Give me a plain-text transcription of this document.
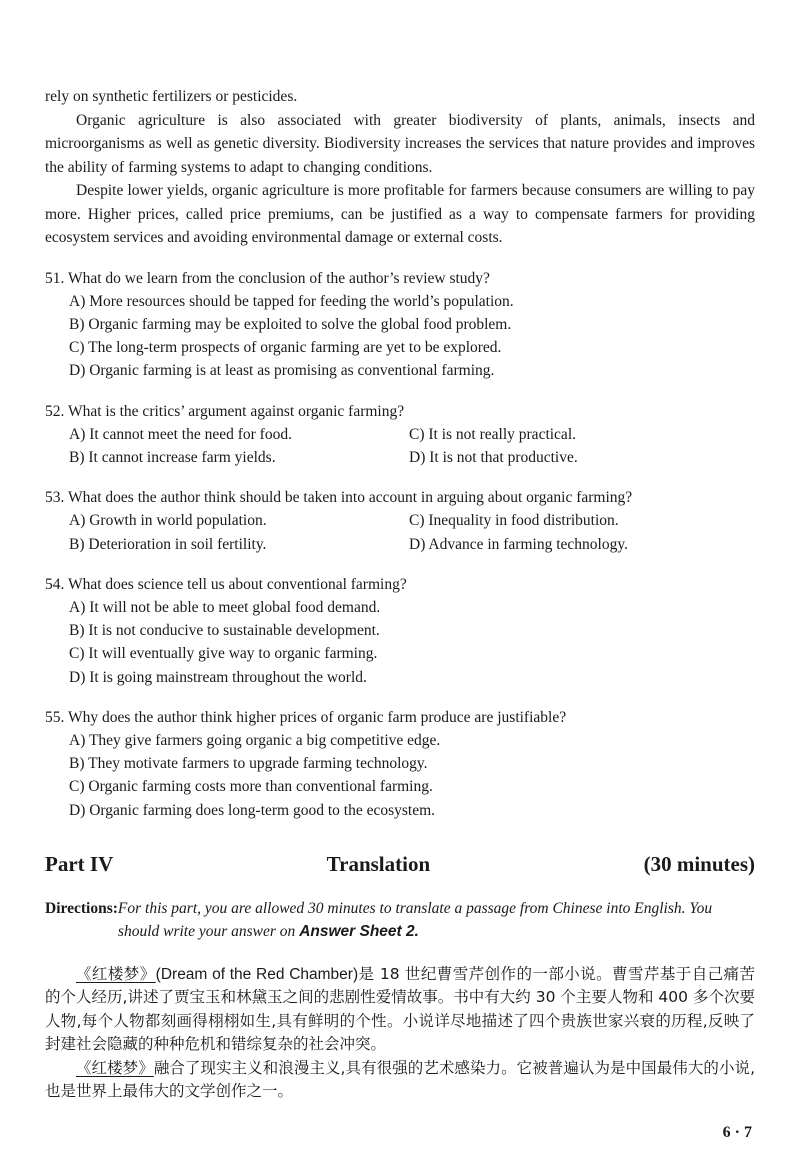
rely on synthetic fertilizers or pesticides.

Organic agriculture is also associated with greater biodiversity of plants, animals, insects and microorganisms as well as genetic diversity. Biodiversity increases the services that nature provides and improves the ability of farming systems to adapt to changing conditions.

Despite lower yields, organic agriculture is more profitable for farmers because consumers are willing to pay more. Higher prices, called price premiums, can be justified as a way to compensate farmers for providing ecosystem services and avoiding environmental damage or external costs.

51. What do we learn from the conclusion of the author’s review study?

A) More resources should be tapped for feeding the world’s population.

B) Organic farming may be exploited to solve the global food problem.

C) The long-term prospects of organic farming are yet to be explored.

D) Organic farming is at least as promising as conventional farming.

52. What is the critics’ argument against organic farming?

A) It cannot meet the need for food.	C) It is not really practical.
B) It cannot increase farm yields.	D) It is not that productive.

53. What does the author think should be taken into account in arguing about organic farming?

A) Growth in world population.	C) Inequality in food distribution.
B) Deterioration in soil fertility.	D) Advance in farming technology.

54. What does science tell us about conventional farming?

A) It will not be able to meet global food demand.

B) It is not conducive to sustainable development.

C) It will eventually give way to organic farming.

D) It is going mainstream throughout the world.

55. Why does the author think higher prices of organic farm produce are justifiable?

A) They give farmers going organic a big competitive edge.

B) They motivate farmers to upgrade farming technology.

C) Organic farming costs more than conventional farming.

D) Organic farming does long-term good to the ecosystem.

Part IV	Translation	(30 minutes)
Directions: For this part, you are allowed 30 minutes to translate a passage from Chinese into English. You should write your answer on Answer Sheet 2.

《红楼梦》(Dream of the Red Chamber)是 18 世纪曹雪芹创作的一部小说。曹雪芹基于自己痛苦的个人经历,讲述了贾宝玉和林黛玉之间的悲剧性爱情故事。书中有大约 30 个主要人物和 400 多个次要人物,每个人物都刻画得栩栩如生,具有鲜明的个性。小说详尽地描述了四个贵族世家兴衰的历程,反映了封建社会隐藏的种种危机和错综复杂的社会冲突。

《红楼梦》融合了现实主义和浪漫主义,具有很强的艺术感染力。它被普遍认为是中国最伟大的小说,也是世界上最伟大的文学创作之一。

6 · 7
